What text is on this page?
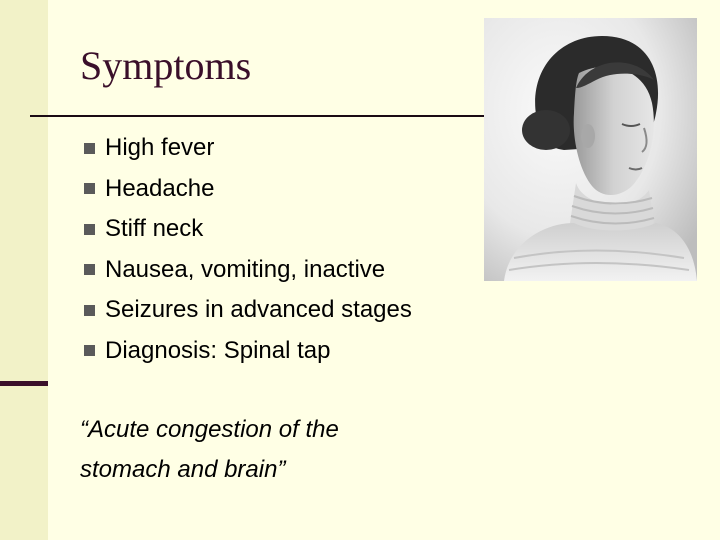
Symptoms
High fever
Headache
Stiff neck
Nausea, vomiting, inactive
Seizures in advanced stages
Diagnosis: Spinal tap
“Acute congestion of the
stomach and brain”
